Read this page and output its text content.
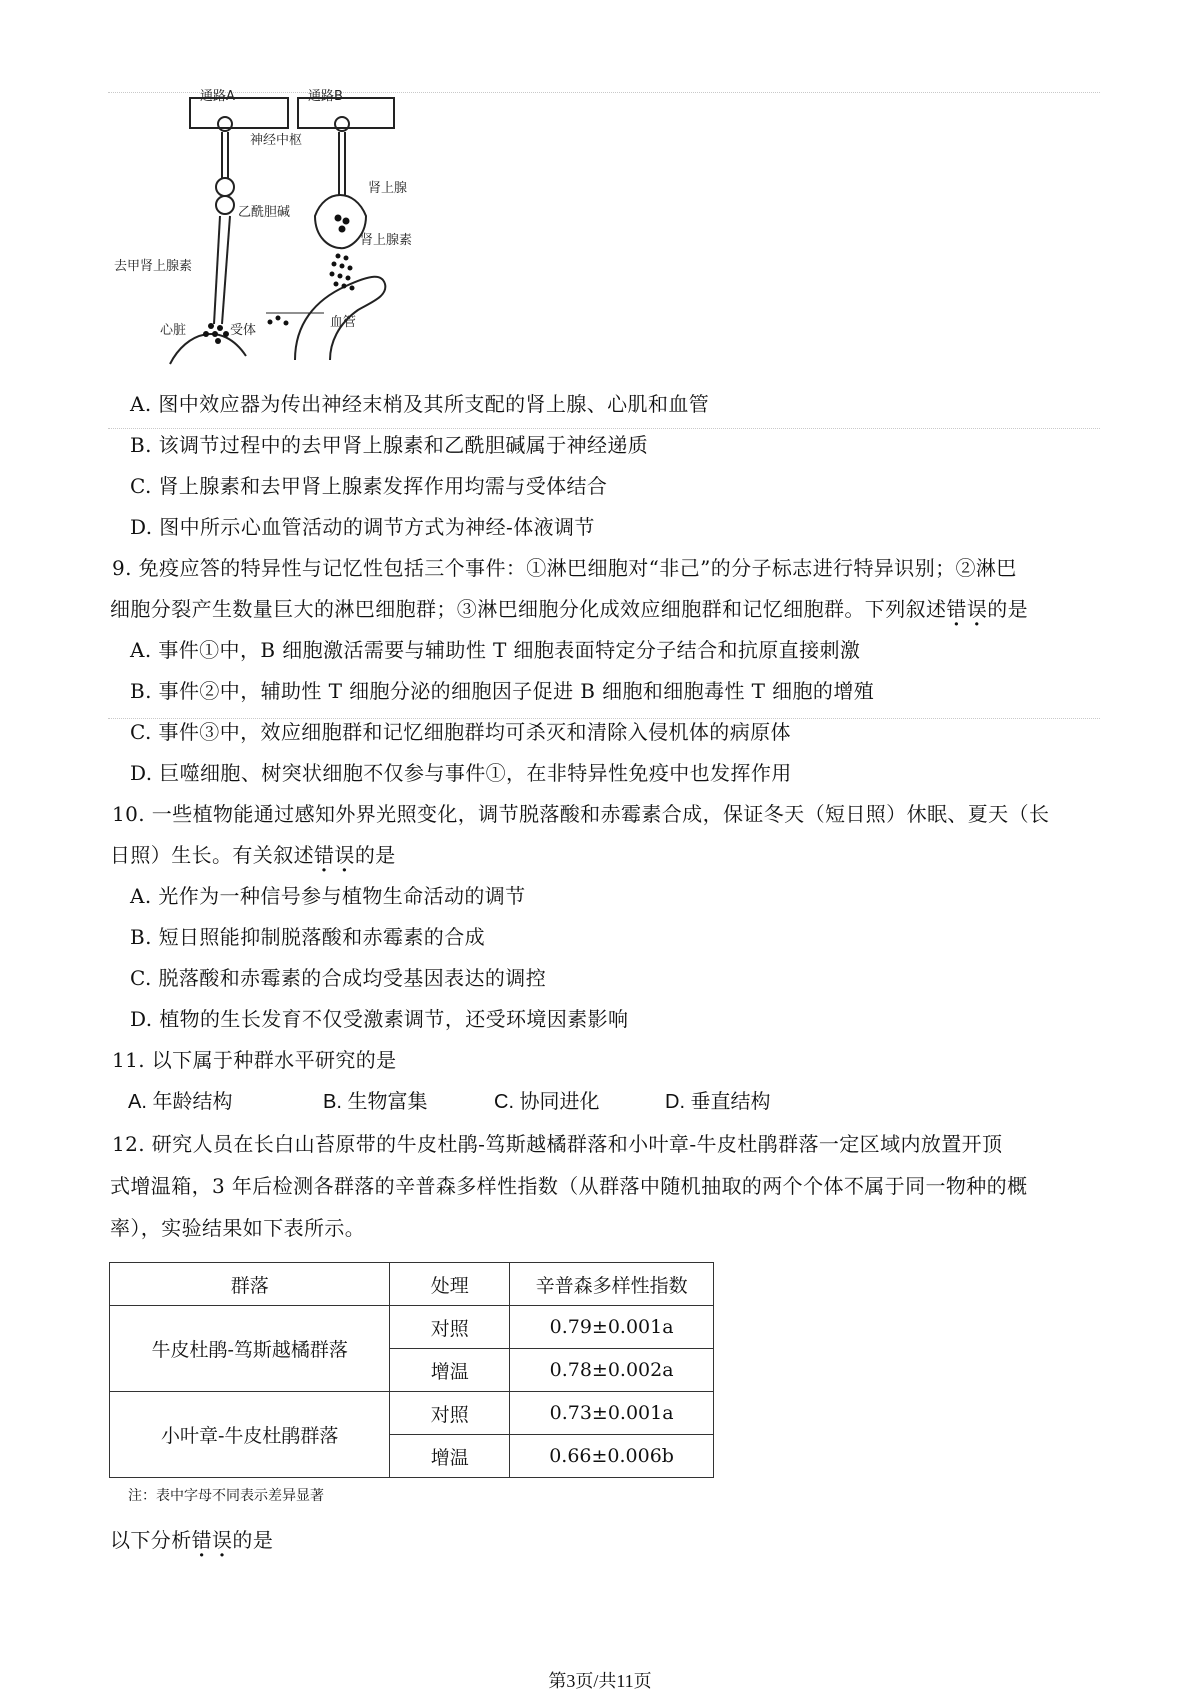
通路A	通路B
神经中枢
肾上腺
乙酰胆碱
肾上腺素
去甲肾上腺素
血管
心脏	受体
A. 图中效应器为传出神经末梢及其所支配的肾上腺、心肌和血管
B. 该调节过程中的去甲肾上腺素和乙酰胆碱属于神经递质
C. 肾上腺素和去甲肾上腺素发挥作用均需与受体结合
D. 图中所示心血管活动的调节方式为神经-体液调节
9. 免疫应答的特异性与记忆性包括三个事件：①淋巴细胞对“非己”的分子标志进行特异识别；②淋巴
细胞分裂产生数量巨大的淋巴细胞群；③淋巴细胞分化成效应细胞群和记忆细胞群。下列叙述错误的是
A. 事件①中，B 细胞激活需要与辅助性 T 细胞表面特定分子结合和抗原直接刺激
B. 事件②中，辅助性 T 细胞分泌的细胞因子促进 B 细胞和细胞毒性 T 细胞的增殖
C. 事件③中，效应细胞群和记忆细胞群均可杀灭和清除入侵机体的病原体
D. 巨噬细胞、树突状细胞不仅参与事件①，在非特异性免疫中也发挥作用
10. 一些植物能通过感知外界光照变化，调节脱落酸和赤霉素合成，保证冬天（短日照）休眠、夏天（长
日照）生长。有关叙述错误的是
A. 光作为一种信号参与植物生命活动的调节
B. 短日照能抑制脱落酸和赤霉素的合成
C. 脱落酸和赤霉素的合成均受基因表达的调控
D. 植物的生长发育不仅受激素调节，还受环境因素影响
11. 以下属于种群水平研究的是
A. 年龄结构	B. 生物富集	C. 协同进化	D. 垂直结构
12. 研究人员在长白山苔原带的牛皮杜鹃-笃斯越橘群落和小叶章-牛皮杜鹃群落一定区域内放置开顶
式增温箱，3 年后检测各群落的辛普森多样性指数（从群落中随机抽取的两个个体不属于同一物种的概
率），实验结果如下表所示。
群落	处理	辛普森多样性指数
牛皮杜鹃-笃斯越橘群落	对照	0.79±0.001a
	增温	0.78±0.002a
小叶章-牛皮杜鹃群落	对照	0.73±0.001a
	增温	0.66±0.006b
注：表中字母不同表示差异显著
以下分析错误的是
第3页/共11页
